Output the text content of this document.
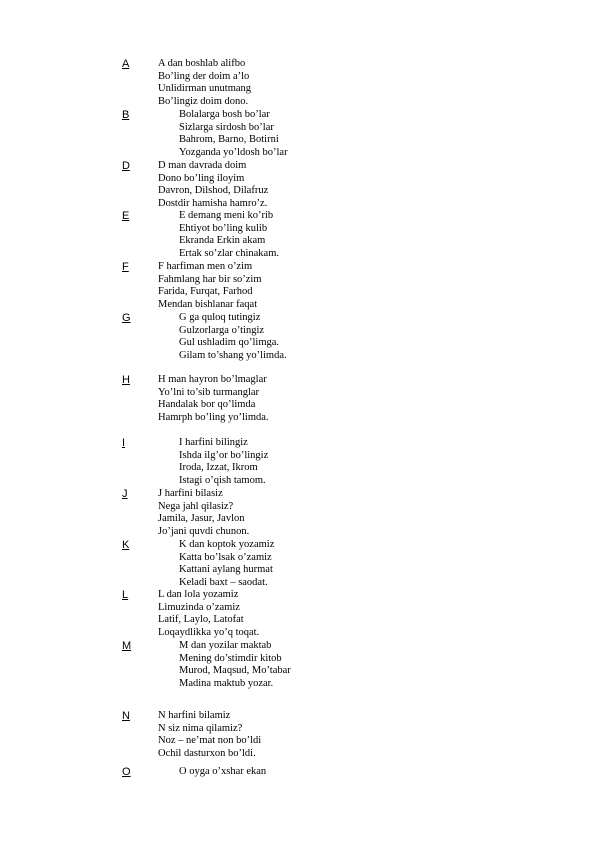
A	A dan boshlab alifbo
Bo’ling der doim a’lo
Unlidirman unutmang
Bo’lingiz doim dono.
B	Bolalarga bosh bo’lar
Sizlarga sirdosh bo’lar
Bahrom, Barno, Botirni
Yozganda yo’ldosh bo’lar
D	D man davrada doim
Dono bo’ling iloyim
Davron, Dilshod, Dilafruz
Dostdir hamisha hamro’z.
E	E demang meni ko’rib
Ehtiyot bo’ling kulib
Ekranda Erkin akam
Ertak so’zlar chinakam.
F	F harfiman men o’zim
Fahmlang har bir so’zim
Farida, Furqat, Farhod
Mendan bishlanar faqat
G	G ga quloq tutingiz
Gulzorlarga o’tingiz
Gul ushladim qo’limga.
Gilam to’shang yo’limda.
H	H man hayron bo’lmaglar
Yo’lni to’sib turmanglar
Handalak bor qo’limda
Hamrph bo’ling yo’limda.
I	I harfini bilingiz
Ishda ilg’or bo’lingiz
Iroda, Izzat, Ikrom
Istagi o’qish tamom.
J	J harfini bilasiz
Nega jahl qilasiz?
Jamila, Jasur, Javlon
Jo’jani quvdi chunon.
K	K dan koptok yozamiz
Katta bo’lsak o’zamiz
Kattani aylang hurmat
Keladi baxt – saodat.
L	L dan lola yozamiz
Limuzinda o’zamiz
Latif, Laylo, Latofat
Loqaydlikka yo’q toqat.
M	M dan yozilar maktab
Mening do’stimdir kitob
Murod, Maqsud, Mo’tabar
Madina maktub yozar.
N	N harfini bilamiz
N siz nima qilamiz?
Noz – ne’mat non bo’ldi
Ochil dasturxon bo’ldi.
O	O oyga o’xshar ekan
